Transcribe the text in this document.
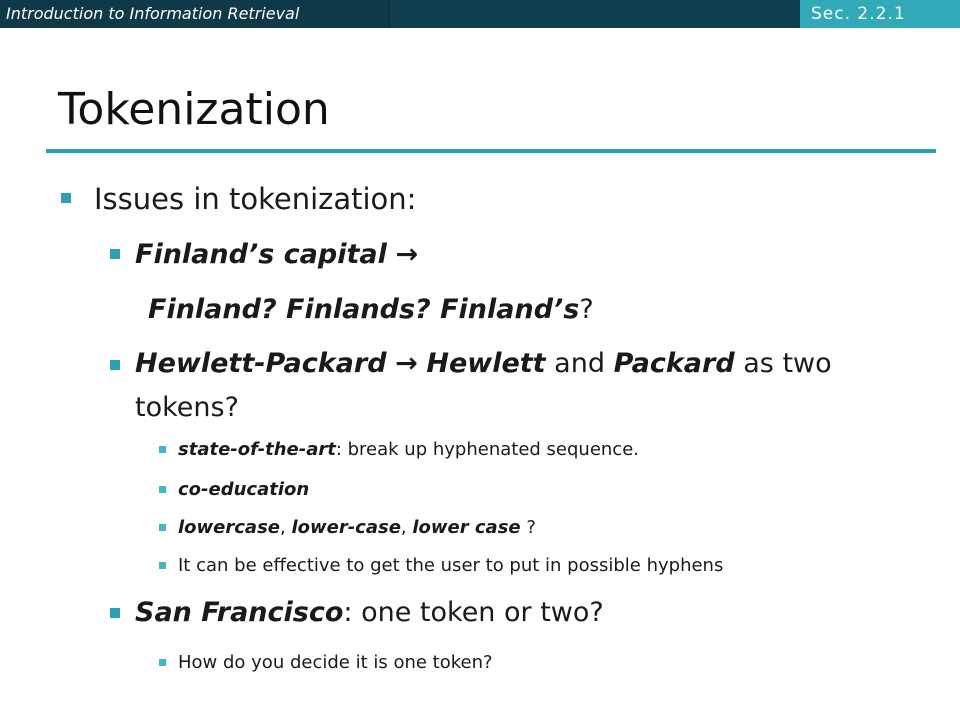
Introduction to Information Retrieval	Sec. 2.2.1
Tokenization
Issues in tokenization:
Finland’s capital →
Finland? Finlands? Finland’s?
Hewlett-Packard → Hewlett and Packard as two
tokens?
state-of-the-art: break up hyphenated sequence.
co-education
lowercase, lower-case, lower case ?
It can be effective to get the user to put in possible hyphens
San Francisco: one token or two?
How do you decide it is one token?
